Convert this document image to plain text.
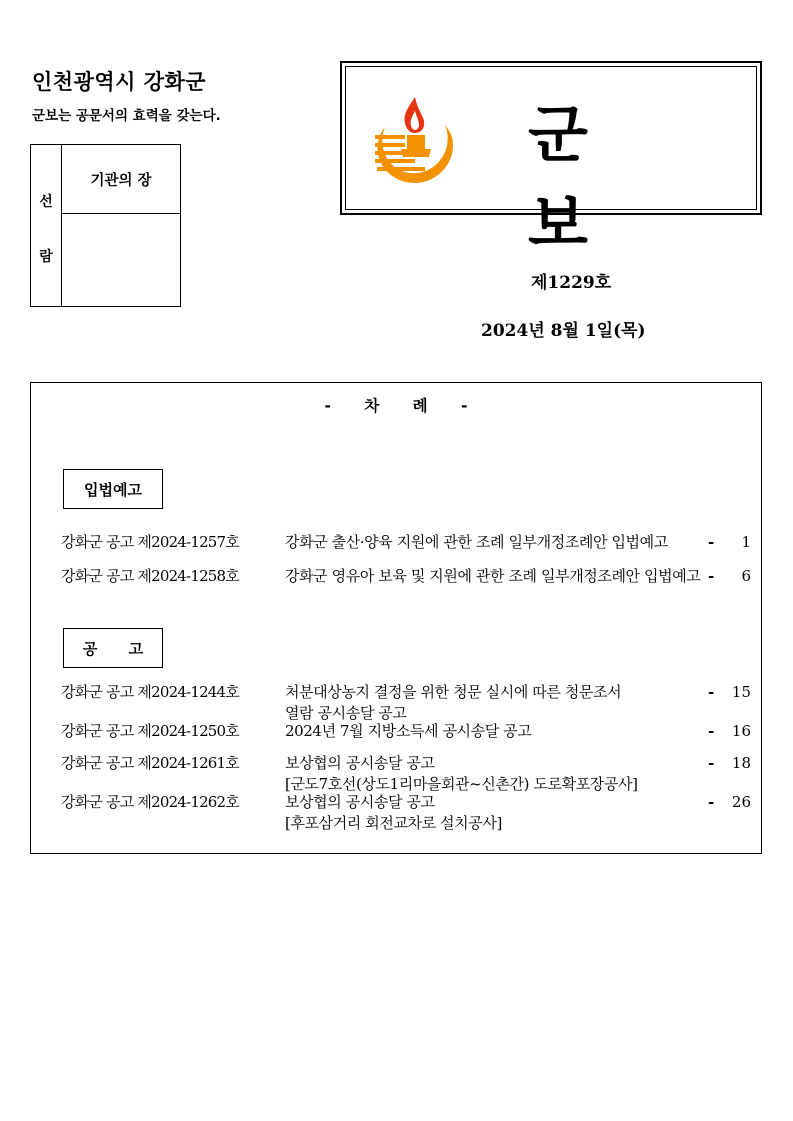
인천광역시 강화군
군보는 공문서의 효력을 갖는다.
선
람
기관의 장
군 보
제1229호
2024년 8월 1일(목)
- 차 례 -
입법예고
강화군 공고 제2024-1257호	강화군 출산·양육 지원에 관한 조례 일부개정조례안 입법예고	- 1
강화군 공고 제2024-1258호	강화군 영유아 보육 및 지원에 관한 조례 일부개정조례안 입법예고 - 6
공 고
강화군 공고 제2024-1244호	처분대상농지 결정을 위한 청문 실시에 따른 청문조서
열람 공시송달 공고
- 15
강화군 공고 제2024-1250호	2024년 7월 지방소득세 공시송달 공고	- 16
강화군 공고 제2024-1261호	보상협의 공시송달 공고
[군도7호선(상도1리마을회관~신촌간) 도로확포장공사]
- 18
강화군 공고 제2024-1262호	보상협의 공시송달 공고
[후포삼거리 회전교차로 설치공사]
- 26
